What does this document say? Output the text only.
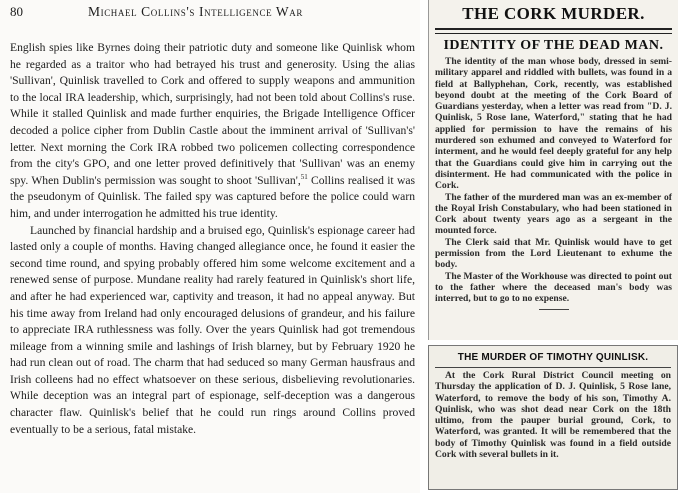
80	Michael Collins's Intelligence War

English spies like Byrnes doing their patriotic duty and someone like Quinlisk whom he regarded as a traitor who had betrayed his trust and generosity. Using the alias 'Sullivan', Quinlisk travelled to Cork and offered to supply weapons and ammunition to the local IRA leadership, which, surprisingly, had not been told about Collins's ruse. While it stalled Quinlisk and made further enquiries, the Brigade Intelligence Officer decoded a police cipher from Dublin Castle about the imminent arrival of 'Sullivan's' letter. Next morning the Cork IRA robbed two policemen collecting correspondence from the city's GPO, and one letter proved definitively that 'Sullivan' was an enemy spy. When Dublin's permission was sought to shoot 'Sullivan',$^{51}$ Collins realised it was the pseudonym of Quinlisk. The failed spy was captured before the police could warn him, and under interrogation he admitted his true identity.

Launched by financial hardship and a bruised ego, Quinlisk's espionage career had lasted only a couple of months. Having changed allegiance once, he found it easier the second time round, and spying probably offered him some welcome excitement and a renewed sense of purpose. Mundane reality had rarely featured in Quinlisk's short life, and after he had experienced war, captivity and treason, it had no appeal anyway. But his time away from Ireland had only encouraged delusions of grandeur, and his failure to appreciate IRA ruthlessness was folly. Over the years Quinlisk had got tremendous mileage from a winning smile and lashings of Irish blarney, but by February 1920 he had run clean out of road. The charm that had seduced so many German hausfraus and Irish colleens had no effect whatsoever on these serious, disbelieving revolutionaries. While deception was an integral part of espionage, self-deception was a dangerous character flaw. Quinlisk's belief that he could run rings around Collins proved eventually to be a serious, fatal mistake.

THE CORK MURDER.
IDENTITY OF THE DEAD MAN.

The identity of the man whose body, dressed in semi-military apparel and riddled with bullets, was found in a field at Ballyphehan, Cork, recently, was established beyond doubt at the meeting of the Cork Board of Guardians yesterday, when a letter was read from "D. J. Quinlisk, 5 Rose lane, Waterford," stating that he had applied for permission to have the remains of his murdered son exhumed and conveyed to Waterford for interment, and he would feel deeply grateful for any help that the Guardians could give him in carrying out the disinterment. He had communicated with the police in Cork.

The father of the murdered man was an ex-member of the Royal Irish Constabulary, who had been stationed in Cork about twenty years ago as a sergeant in the mounted force.

The Clerk said that Mr. Quinlisk would have to get permission from the Lord Lieutenant to exhume the body.

The Master of the Workhouse was directed to point out to the father where the deceased man's body was interred, but to go to no expense.

THE MURDER OF TIMOTHY QUINLISK.

At the Cork Rural District Council meeting on Thursday the application of D. J. Quinlisk, 5 Rose lane, Waterford, to remove the body of his son, Timothy A. Quinlisk, who was shot dead near Cork on the 18th ultimo, from the pauper burial ground, Cork, to Waterford, was granted. It will be remembered that the body of Timothy Quinlisk was found in a field outside Cork with several bullets in it.
